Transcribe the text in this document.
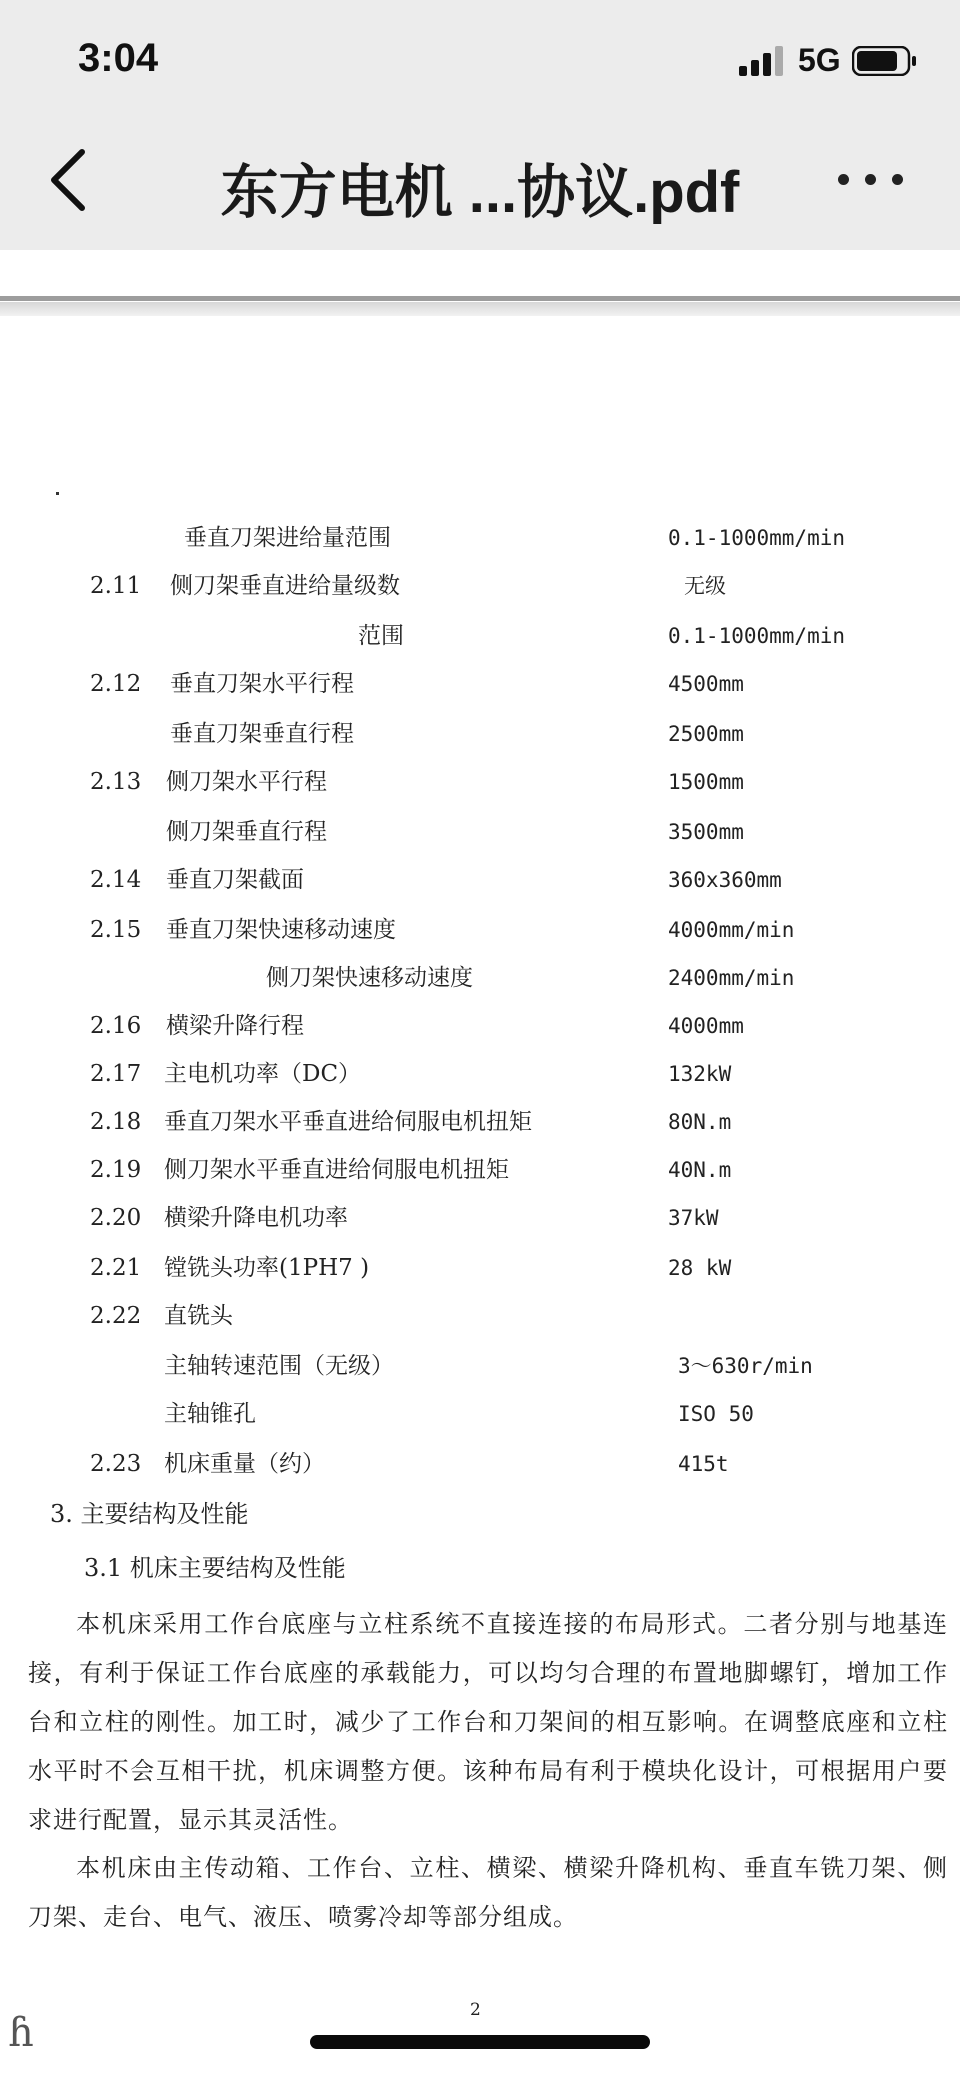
3:04	5G
东方电机 ...协议.pdf
垂直刀架进给量范围	0.1-1000mm/min
2.11 侧刀架垂直进给量级数	无级
范围	0.1-1000mm/min
2.12 垂直刀架水平行程	4500mm
垂直刀架垂直行程	2500mm
2.13 侧刀架水平行程	1500mm
侧刀架垂直行程	3500mm
2.14 垂直刀架截面	360x360mm
2.15 垂直刀架快速移动速度	4000mm/min
侧刀架快速移动速度	2400mm/min
2.16 横梁升降行程	4000mm
2.17 主电机功率（DC）	132kW
2.18 垂直刀架水平垂直进给伺服电机扭矩	80N.m
2.19 侧刀架水平垂直进给伺服电机扭矩	40N.m
2.20 横梁升降电机功率	37kW
2.21 镗铣头功率(1PH7 )	28 kW
2.22 直铣头
主轴转速范围（无级）	3～630r/min
主轴锥孔	ISO 50
2.23 机床重量（约）	415t
3. 主要结构及性能
3.1 机床主要结构及性能
本机床采用工作台底座与立柱系统不直接连接的布局形式。二者分别与地基连接，有利于保证工作台底座的承载能力，可以均匀合理的布置地脚螺钉，增加工作台和立柱的刚性。加工时，减少了工作台和刀架间的相互影响。在调整底座和立柱水平时不会互相干扰，机床调整方便。该种布局有利于模块化设计，可根据用户要求进行配置，显示其灵活性。
本机床由主传动箱、工作台、立柱、横梁、横梁升降机构、垂直车铣刀架、侧刀架、走台、电气、液压、喷雾冷却等部分组成。
2
ɦ
